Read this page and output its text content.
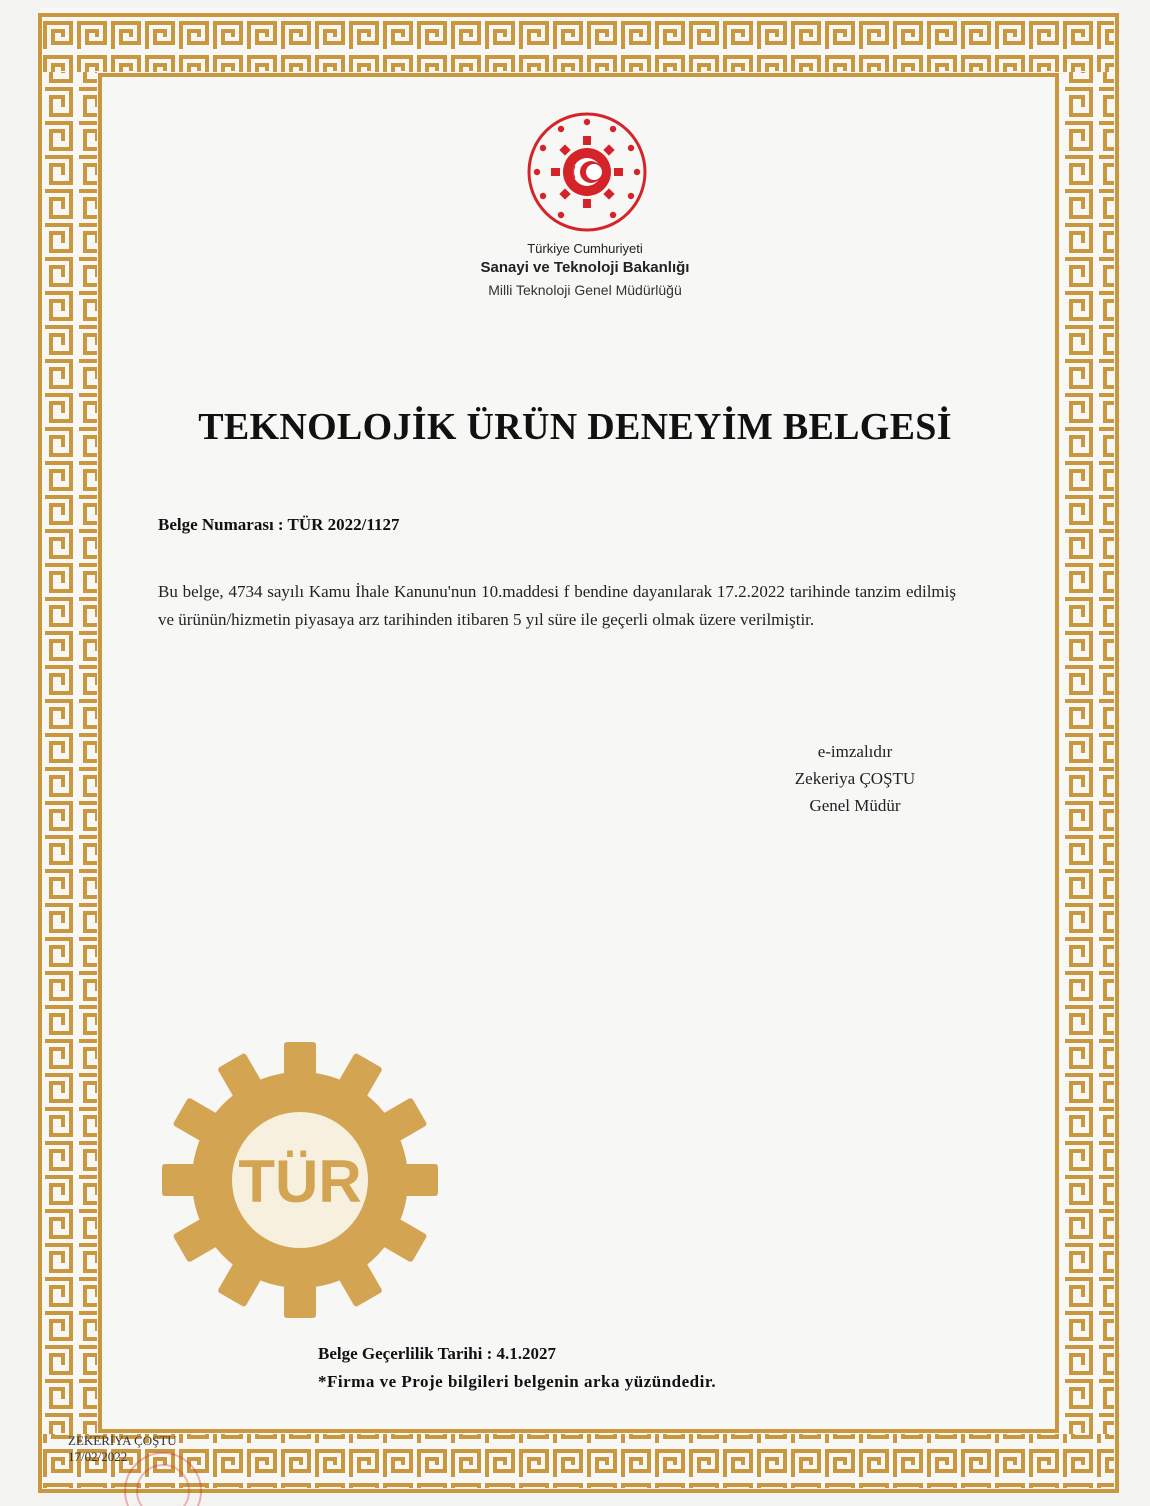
Türkiye Cumhuriyeti
Sanayi ve Teknoloji Bakanlığı
Milli Teknoloji Genel Müdürlüğü
TEKNOLOJİK ÜRÜN DENEYİM BELGESİ
Belge Numarası : TÜR 2022/1127
Bu belge, 4734 sayılı Kamu İhale Kanunu'nun 10.maddesi f bendine dayanılarak 17.2.2022 tarihinde tanzim edilmiş ve ürünün/hizmetin piyasaya arz tarihinden itibaren 5 yıl süre ile geçerli olmak üzere verilmiştir.
e-imzalıdır
Zekeriya ÇOŞTU
Genel Müdür
TÜR
Belge Geçerlilik Tarihi : 4.1.2027
*Firma ve Proje bilgileri belgenin arka yüzündedir.
ZEKERİYA ÇOŞTU
17/02/2022
